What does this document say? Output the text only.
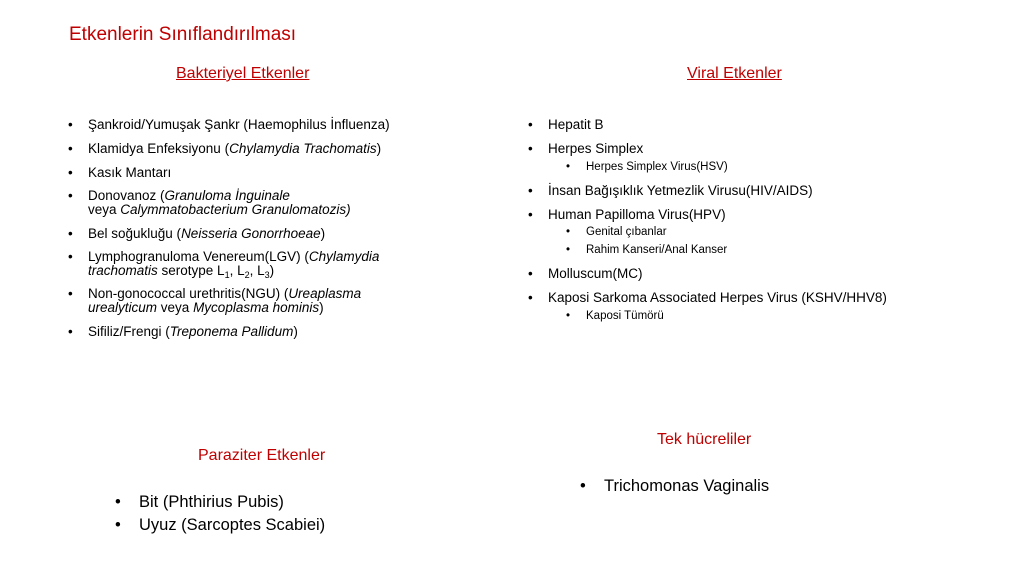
Etkenlerin Sınıflandırılması
Bakteriyel Etkenler
• Şankroid/Yumuşak Şankr (Haemophilus İnfluenza)
• Klamidya Enfeksiyonu (Chylamydia Trachomatis)
• Kasık Mantarı
• Donovanoz (Granuloma İnguinale
veya Calymmatobacterium Granulomatozis)
• Bel soğukluğu (Neisseria Gonorrhoeae)
• Lymphogranuloma Venereum(LGV) (Chylamydia
trachomatis serotype $L_1$, $L_2$, $L_3$)
• Non-gonococcal urethritis(NGU) (Ureaplasma
urealyticum veya Mycoplasma hominis)
• Sifiliz/Frengi (Treponema Pallidum)
Viral Etkenler
• Hepatit B
• Herpes Simplex
• Herpes Simplex Virus(HSV)
• İnsan Bağışıklık Yetmezlik Virusu(HIV/AIDS)
• Human Papilloma Virus(HPV)
• Genital çıbanlar
• Rahim Kanseri/Anal Kanser
• Molluscum(MC)
• Kaposi Sarkoma Associated Herpes Virus (KSHV/HHV8)
• Kaposi Tümörü
Paraziter Etkenler
• Bit (Phthirius Pubis)
• Uyuz (Sarcoptes Scabiei)
Tek hücreliler
• Trichomonas Vaginalis
